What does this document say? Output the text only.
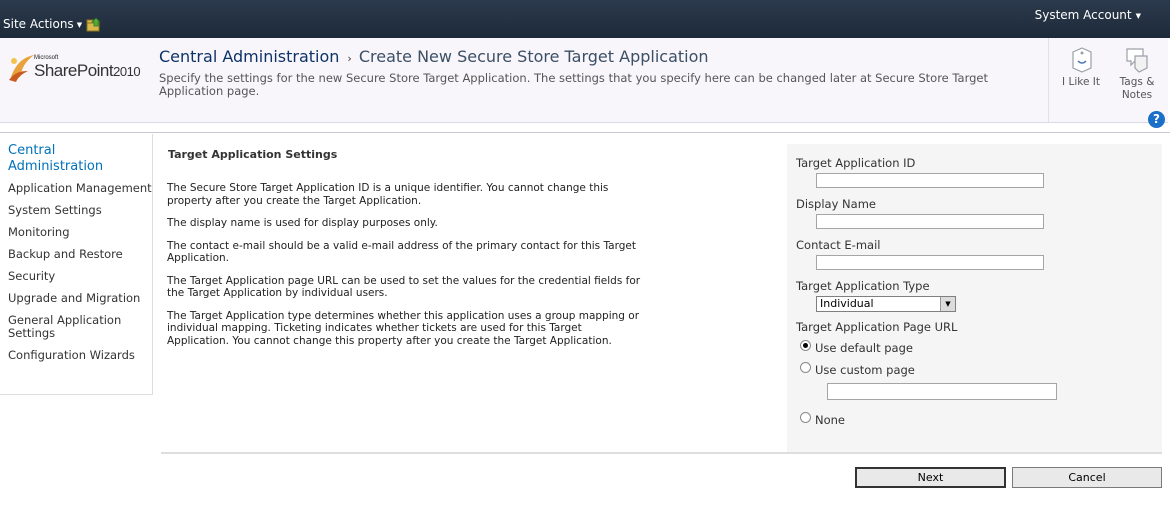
Site Actions ▼
System Account ▼
Microsoft
SharePoint2010
Central Administration › Create New Secure Store Target Application
Specify the settings for the new Secure Store Target Application. The settings that you specify here can be changed later at Secure Store Target Application page.
I Like It	Tags & Notes
?
Central Administration
Application Management
System Settings
Monitoring
Backup and Restore
Security
Upgrade and Migration
General Application Settings
Configuration Wizards
Target Application Settings

The Secure Store Target Application ID is a unique identifier. You cannot change this property after you create the Target Application.

The display name is used for display purposes only.

The contact e-mail should be a valid e-mail address of the primary contact for this Target Application.

The Target Application page URL can be used to set the values for the credential fields for the Target Application by individual users.

The Target Application type determines whether this application uses a group mapping or individual mapping. Ticketing indicates whether tickets are used for this Target Application. You cannot change this property after you create the Target Application.

Target Application ID
Display Name
Contact E-mail
Target Application Type
Individual	▼
Target Application Page URL
Use default page
Use custom page
None
Next	Cancel
